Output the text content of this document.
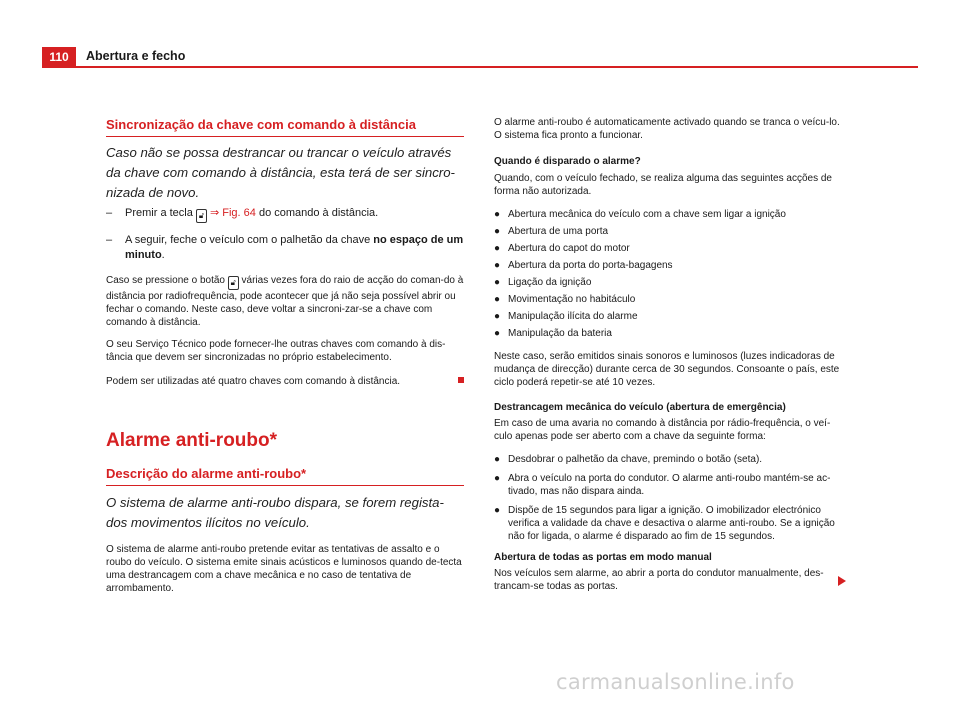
110	Abertura e fecho
Sincronização da chave com comando à distância

Caso não se possa destrancar ou trancar o veículo através da chave com comando à distância, esta terá de ser sincro-nizada de novo.

– Premir a tecla 🔓︎ ⇒ Fig. 64 do comando à distância.
– A seguir, feche o veículo com o palhetão da chave no espaço de um minuto.

Caso se pressione o botão 🔓︎ várias vezes fora do raio de acção do coman-do à distância por radiofrequência, pode acontecer que já não seja possível abrir ou fechar o comando. Neste caso, deve voltar a sincroni-zar-se a chave com comando à distância.

O seu Serviço Técnico pode fornecer-lhe outras chaves com comando à dis-tância que devem ser sincronizadas no próprio estabelecimento.

Podem ser utilizadas até quatro chaves com comando à distância.

Alarme anti-roubo*
Descrição do alarme anti-roubo*

O sistema de alarme anti-roubo dispara, se forem regista-dos movimentos ilícitos no veículo.

O sistema de alarme anti-roubo pretende evitar as tentativas de assalto e o roubo do veículo. O sistema emite sinais acústicos e luminosos quando de-tecta uma destrancagem com a chave mecânica e no caso de tentativa de arrombamento.

O alarme anti-roubo é automaticamente activado quando se tranca o veícu-lo. O sistema fica pronto a funcionar.

Quando é disparado o alarme?

Quando, com o veículo fechado, se realiza alguma das seguintes acções de forma não autorizada.

● Abertura mecânica do veículo com a chave sem ligar a ignição
● Abertura de uma porta
● Abertura do capot do motor
● Abertura da porta do porta-bagagens
● Ligação da ignição
● Movimentação no habitáculo
● Manipulação ilícita do alarme
● Manipulação da bateria

Neste caso, serão emitidos sinais sonoros e luminosos (luzes indicadoras de mudança de direcção) durante cerca de 30 segundos. Consoante o país, este ciclo poderá repetir-se até 10 vezes.

Destrancagem mecânica do veículo (abertura de emergência)

Em caso de uma avaria no comando à distância por rádio-frequência, o veí-culo apenas pode ser aberto com a chave da seguinte forma:

● Desdobrar o palhetão da chave, premindo o botão (seta).
● Abra o veículo na porta do condutor. O alarme anti-roubo mantém-se ac-tivado, mas não dispara ainda.
● Dispõe de 15 segundos para ligar a ignição. O imobilizador electrónico verifica a validade da chave e desactiva o alarme anti-roubo. Se a ignição não for ligada, o alarme é disparado ao fim de 15 segundos.

Abertura de todas as portas em modo manual

Nos veículos sem alarme, ao abrir a porta do condutor manualmente, des-trancam-se todas as portas.

carmanualsonline.info
